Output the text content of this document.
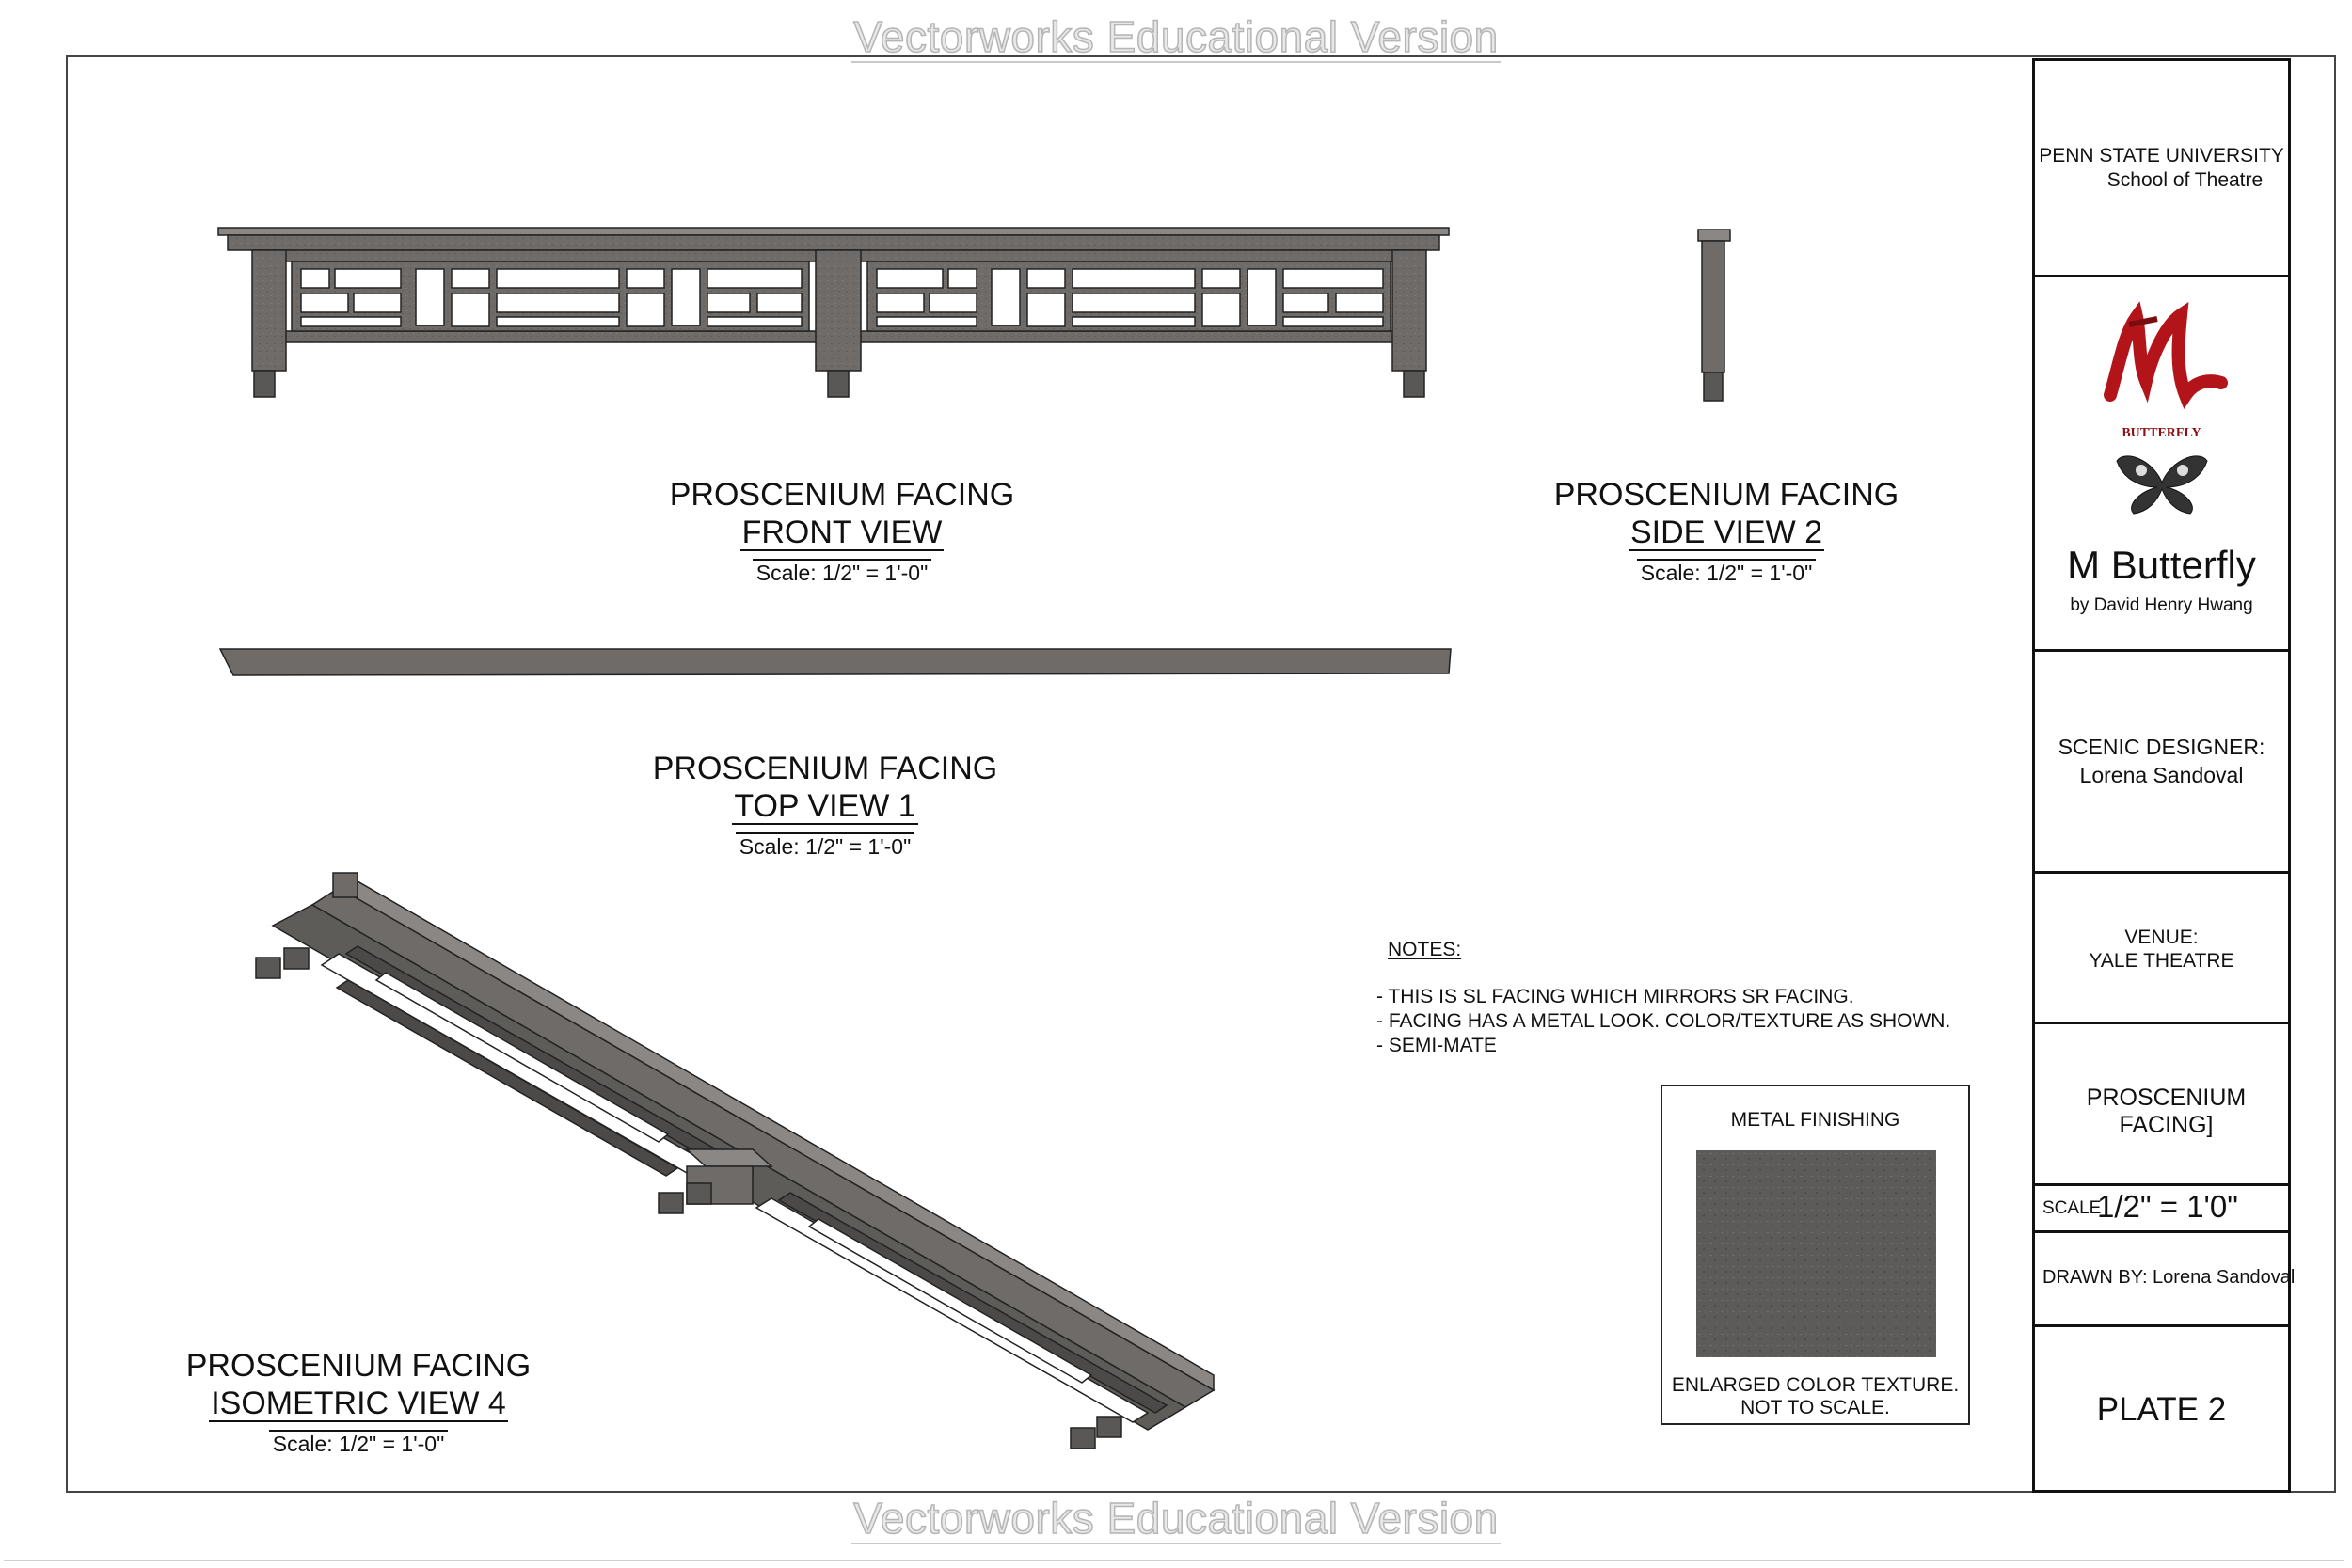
Vectorworks Educational Version
Vectorworks Educational Version
PROSCENIUM FACING
FRONT VIEW
Scale: 1/2" = 1'-0"
PROSCENIUM FACING
SIDE VIEW 2
Scale: 1/2" = 1'-0"
PROSCENIUM FACING
TOP VIEW 1
Scale: 1/2" = 1'-0"
PROSCENIUM FACING
ISOMETRIC VIEW 4
Scale: 1/2" = 1'-0"
NOTES:
- THIS IS SL FACING WHICH MIRRORS SR FACING.
- FACING HAS A METAL LOOK. COLOR/TEXTURE AS SHOWN.
- SEMI-MATE
METAL FINISHING
ENLARGED COLOR TEXTURE.
NOT TO SCALE.
PENN STATE UNIVERSITY
School of Theatre
BUTTERFLY
M Butterfly
by David Henry Hwang
SCENIC DESIGNER:
Lorena Sandoval
VENUE:
YALE THEATRE
PROSCENIUM FACING]
SCALE
1/2" = 1'0"
DRAWN BY: Lorena Sandoval
PLATE 2
